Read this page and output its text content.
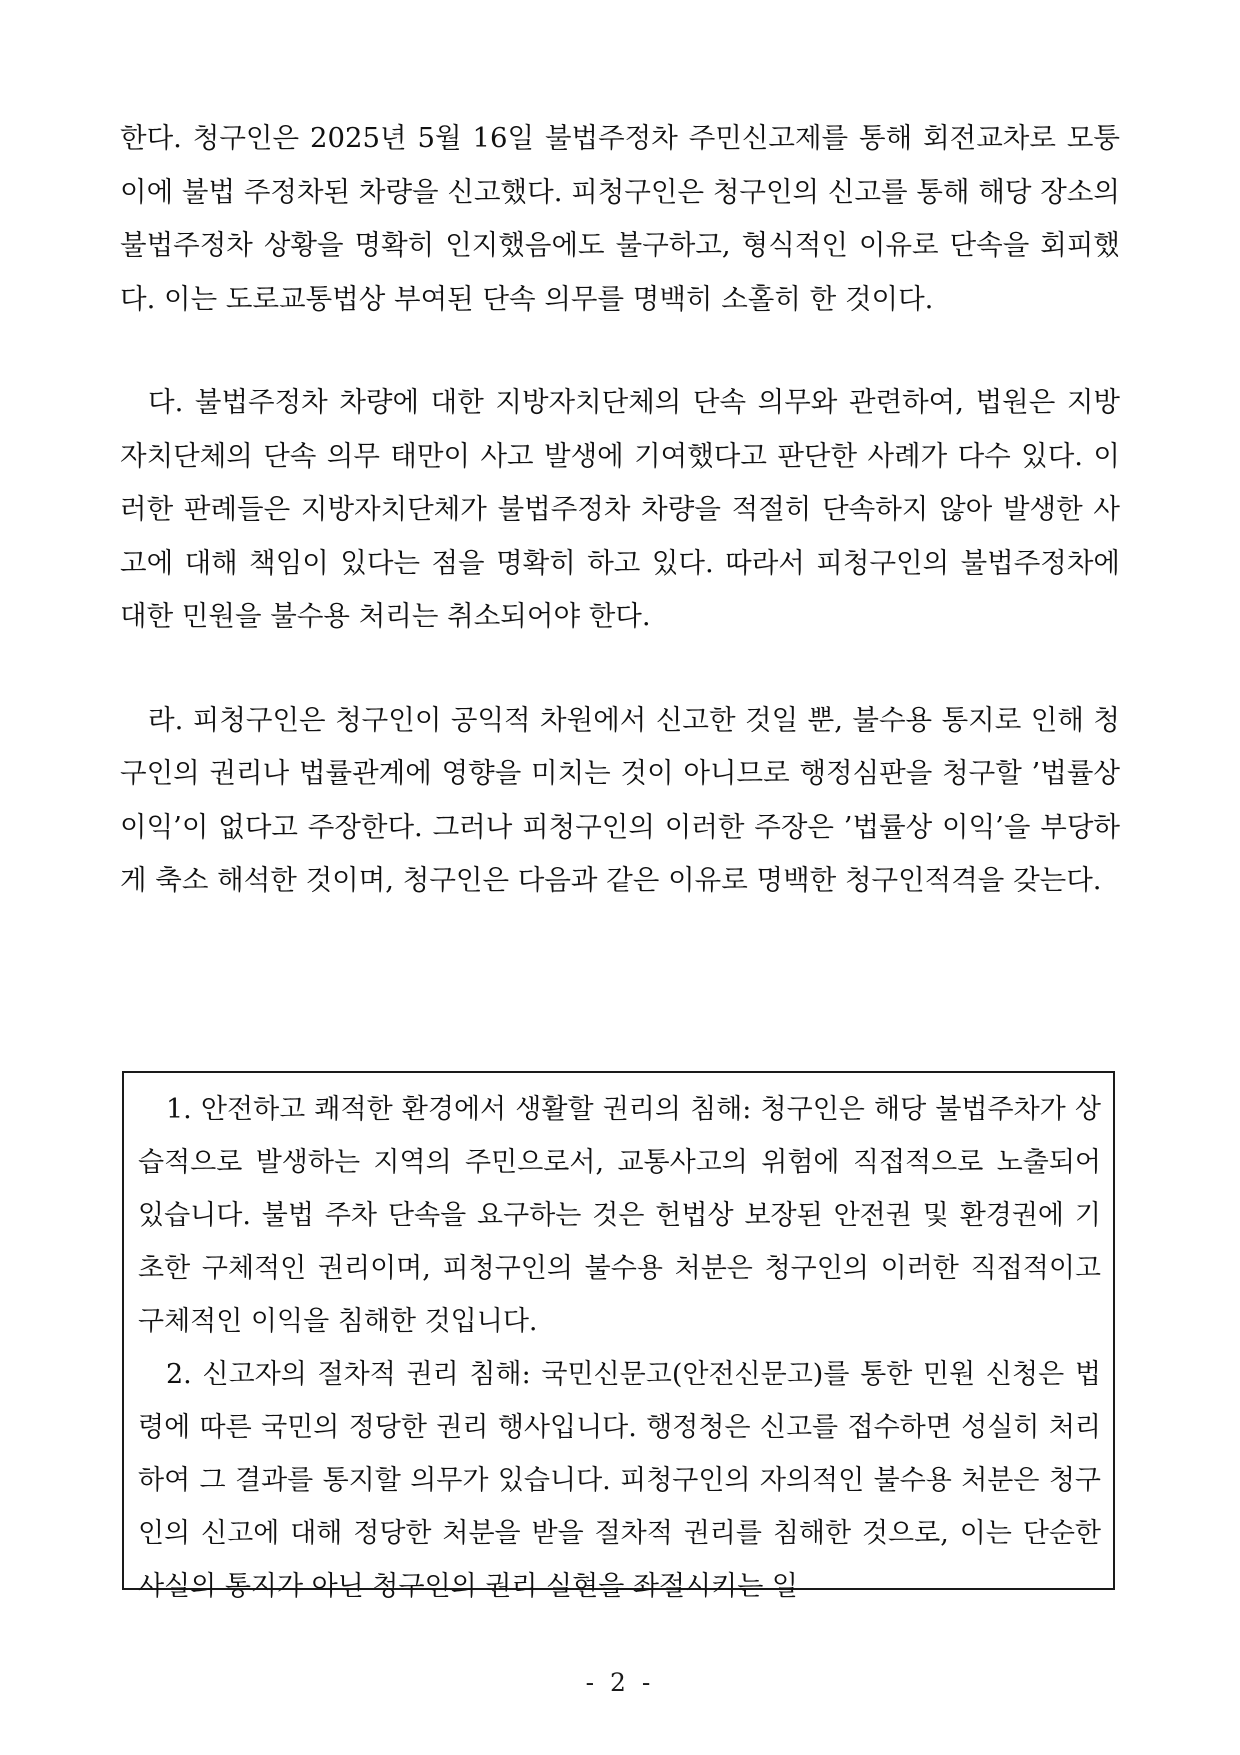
한다. 청구인은 2025년 5월 16일 불법주정차 주민신고제를 통해 회전교차로 모퉁이에 불법 주정차된 차량을 신고했다. 피청구인은 청구인의 신고를 통해 해당 장소의 불법주정차 상황을 명확히 인지했음에도 불구하고, 형식적인 이유로 단속을 회피했다. 이는 도로교통법상 부여된 단속 의무를 명백히 소홀히 한 것이다.

다. 불법주정차 차량에 대한 지방자치단체의 단속 의무와 관련하여, 법원은 지방자치단체의 단속 의무 태만이 사고 발생에 기여했다고 판단한 사례가 다수 있다. 이러한 판례들은 지방자치단체가 불법주정차 차량을 적절히 단속하지 않아 발생한 사고에 대해 책임이 있다는 점을 명확히 하고 있다. 따라서 피청구인의 불법주정차에 대한 민원을 불수용 처리는 취소되어야 한다.

라. 피청구인은 청구인이 공익적 차원에서 신고한 것일 뿐, 불수용 통지로 인해 청구인의 권리나 법률관계에 영향을 미치는 것이 아니므로 행정심판을 청구할 ’법률상 이익’이 없다고 주장한다. 그러나 피청구인의 이러한 주장은 ’법률상 이익’을 부당하게 축소 해석한 것이며, 청구인은 다음과 같은 이유로 명백한 청구인적격을 갖는다.

1. 안전하고 쾌적한 환경에서 생활할 권리의 침해: 청구인은 해당 불법주차가 상습적으로 발생하는 지역의 주민으로서, 교통사고의 위험에 직접적으로 노출되어 있습니다. 불법 주차 단속을 요구하는 것은 헌법상 보장된 안전권 및 환경권에 기초한 구체적인 권리이며, 피청구인의 불수용 처분은 청구인의 이러한 직접적이고 구체적인 이익을 침해한 것입니다.

2. 신고자의 절차적 권리 침해: 국민신문고(안전신문고)를 통한 민원 신청은 법령에 따른 국민의 정당한 권리 행사입니다. 행정청은 신고를 접수하면 성실히 처리하여 그 결과를 통지할 의무가 있습니다. 피청구인의 자의적인 불수용 처분은 청구인의 신고에 대해 정당한 처분을 받을 절차적 권리를 침해한 것으로, 이는 단순한 사실의 통지가 아닌 청구인의 권리 실현을 좌절시키는 일

- 2 -
